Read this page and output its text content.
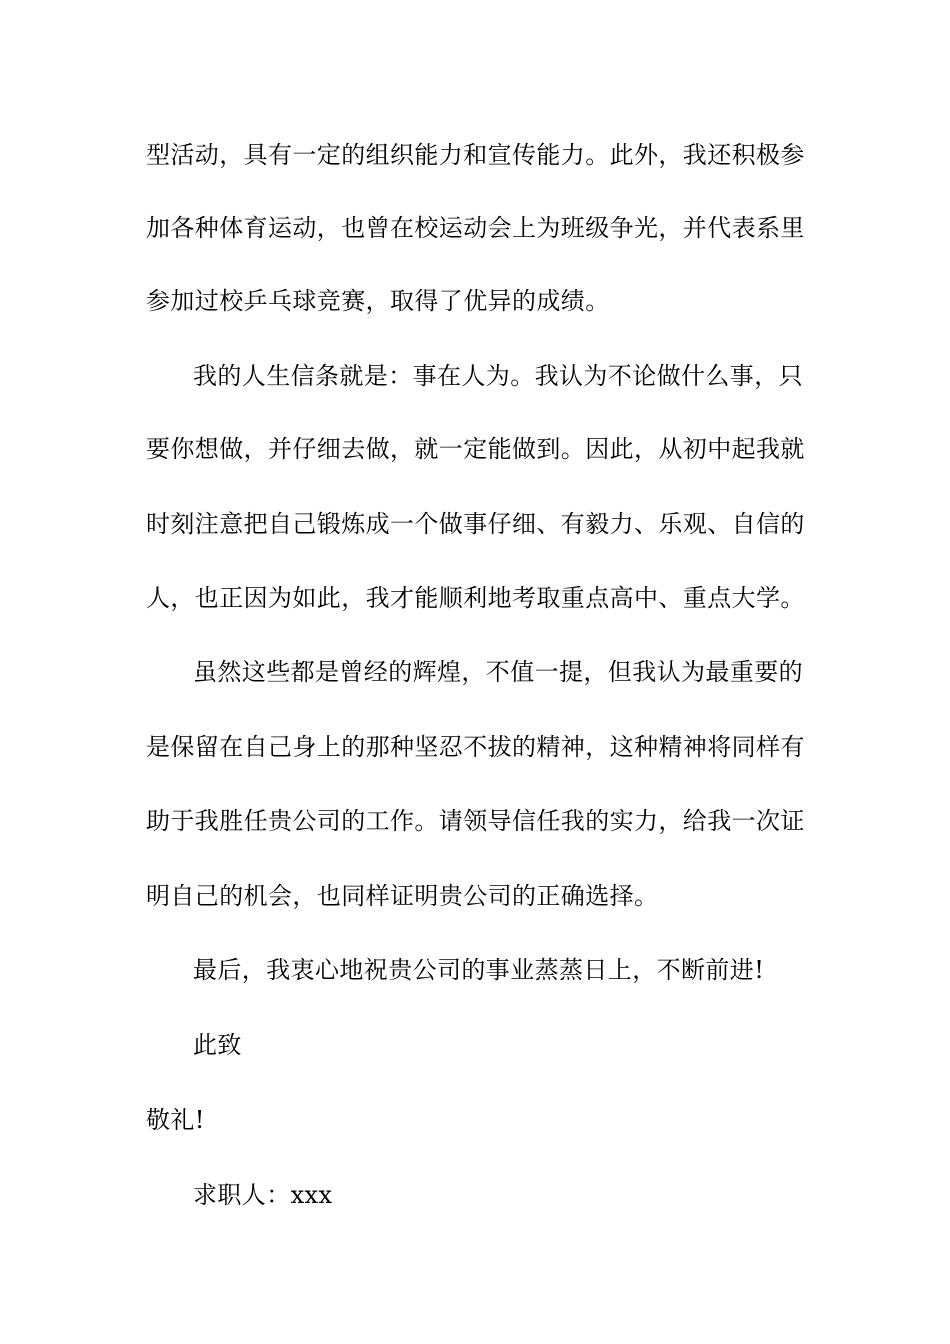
型活动，具有一定的组织能力和宣传能力。此外，我还积极参
加各种体育运动，也曾在校运动会上为班级争光，并代表系里
参加过校乒乓球竞赛，取得了优异的成绩。
我的人生信条就是：事在人为。我认为不论做什么事，只
要你想做，并仔细去做，就一定能做到。因此，从初中起我就
时刻注意把自己锻炼成一个做事仔细、有毅力、乐观、自信的
人，也正因为如此，我才能顺利地考取重点高中、重点大学。
虽然这些都是曾经的辉煌，不值一提，但我认为最重要的
是保留在自己身上的那种坚忍不拔的精神，这种精神将同样有
助于我胜任贵公司的工作。请领导信任我的实力，给我一次证
明自己的机会，也同样证明贵公司的正确选择。
最后，我衷心地祝贵公司的事业蒸蒸日上，不断前进!
此致
敬礼!
求职人：xxx
